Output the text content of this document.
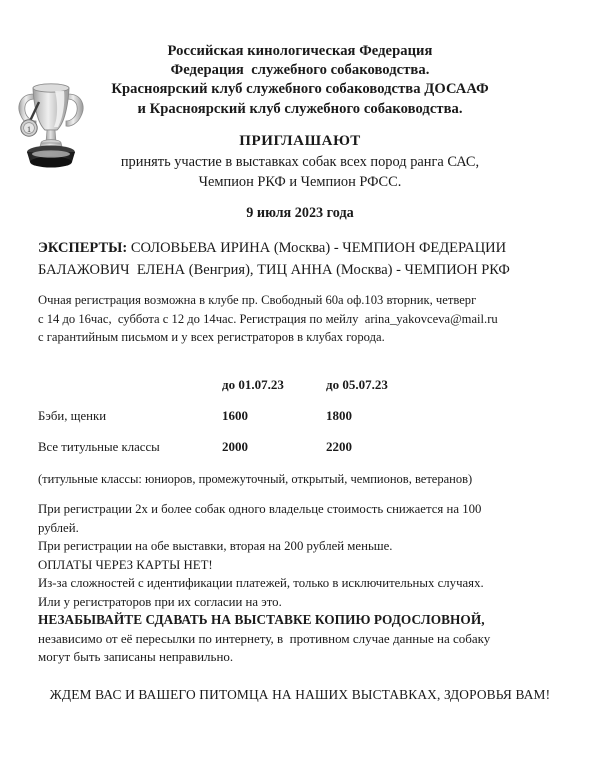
1
Российская кинологическая Федерация
Федерация  служебного собаководства.
Красноярский клуб служебного собаководства ДОСААФ
и Красноярский клуб служебного собаководства.
ПРИГЛАШАЮТ
принять участие в выставках собак всех пород ранга САС,
Чемпион РКФ и Чемпион РФСС.
9 июля 2023 года
ЭКСПЕРТЫ: СОЛОВЬЕВА ИРИНА (Москва) - ЧЕМПИОН ФЕДЕРАЦИИ
БАЛАЖОВИЧ  ЕЛЕНА (Венгрия), ТИЦ АННА (Москва) - ЧЕМПИОН РКФ
Очная регистрация возможна в клубе пр. Свободный 60а оф.103 вторник, четверг
с 14 до 16час,  суббота с 12 до 14час. Регистрация по мейлу  arina_yakovceva@mail.ru
с гарантийным письмом и у всех регистраторов в клубах города.
	до 01.07.23	до 05.07.23
Бэби, щенки	1600	1800
Все титульные классы	2000	2200
(титульные классы: юниоров, промежуточный, открытый, чемпионов, ветеранов)
При регистрации 2х и более собак одного владельце стоимость снижается на 100
рублей.
При регистрации на обе выставки, вторая на 200 рублей меньше.
ОПЛАТЫ ЧЕРЕЗ КАРТЫ НЕТ!
Из-за сложностей с идентификации платежей, только в исключительных случаях.
Или у регистраторов при их согласии на это.
НЕЗАБЫВАЙТЕ СДАВАТЬ НА ВЫСТАВКЕ КОПИЮ РОДОСЛОВНОЙ,
независимо от её пересылки по интернету, в  противном случае данные на собаку
могут быть записаны неправильно.
ЖДЕМ ВАС И ВАШЕГО ПИТОМЦА НА НАШИХ ВЫСТАВКАХ, ЗДОРОВЬЯ ВАМ!
